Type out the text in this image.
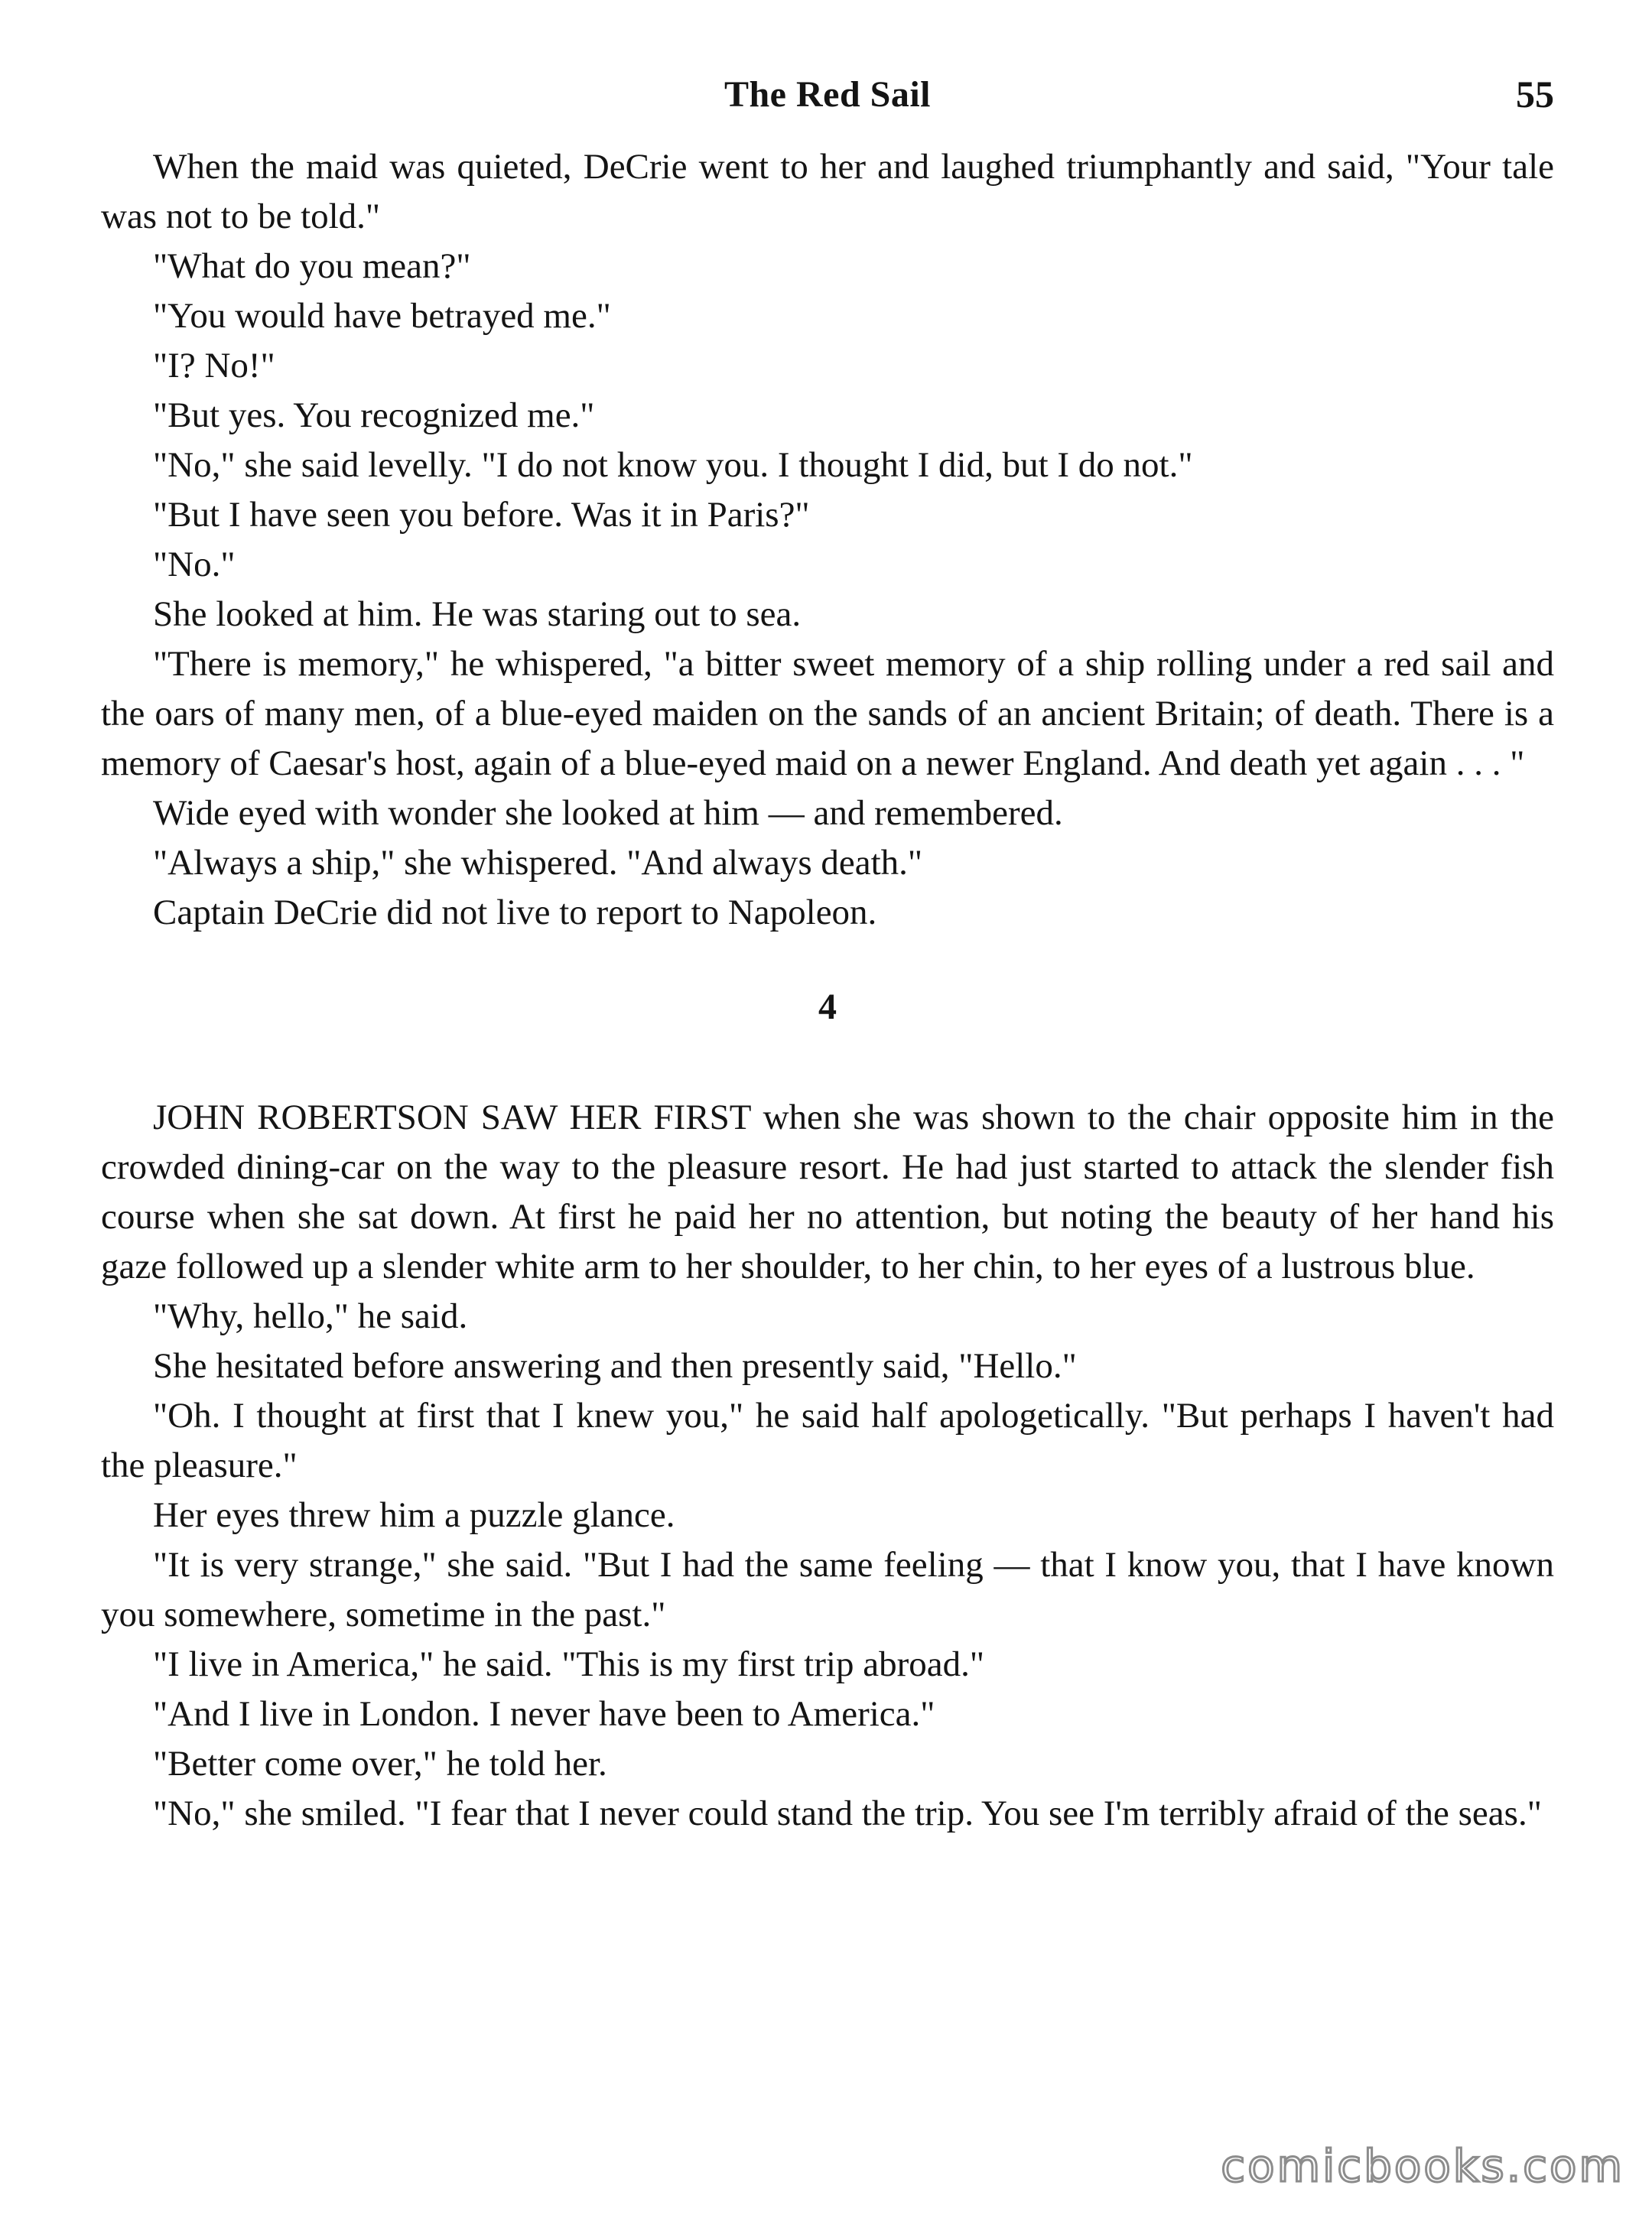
The Red Sail	55

When the maid was quieted, DeCrie went to her and laughed triumphantly and said, "Your tale was not to be told."

"What do you mean?"

"You would have betrayed me."

"I? No!"

"But yes. You recognized me."

"No," she said levelly. "I do not know you. I thought I did, but I do not."

"But I have seen you before. Was it in Paris?"

"No."

She looked at him. He was staring out to sea.

"There is memory," he whispered, "a bitter sweet memory of a ship rolling under a red sail and the oars of many men, of a blue-eyed maiden on the sands of an ancient Britain; of death. There is a memory of Caesar's host, again of a blue-eyed maid on a newer England. And death yet again . . . "

Wide eyed with wonder she looked at him — and remembered.

"Always a ship," she whispered. "And always death."

Captain DeCrie did not live to report to Napoleon.

4

JOHN ROBERTSON SAW HER FIRST when she was shown to the chair opposite him in the crowded dining-car on the way to the pleasure resort. He had just started to attack the slender fish course when she sat down. At first he paid her no attention, but noting the beauty of her hand his gaze followed up a slender white arm to her shoulder, to her chin, to her eyes of a lustrous blue.

"Why, hello," he said.

She hesitated before answering and then presently said, "Hello."

"Oh. I thought at first that I knew you," he said half apologetically. "But perhaps I haven't had the pleasure."

Her eyes threw him a puzzle glance.

"It is very strange," she said. "But I had the same feeling — that I know you, that I have known you somewhere, sometime in the past."

"I live in America," he said. "This is my first trip abroad."

"And I live in London. I never have been to America."

"Better come over," he told her.

"No," she smiled. "I fear that I never could stand the trip. You see I'm terribly afraid of the seas."

comicbooks.com
